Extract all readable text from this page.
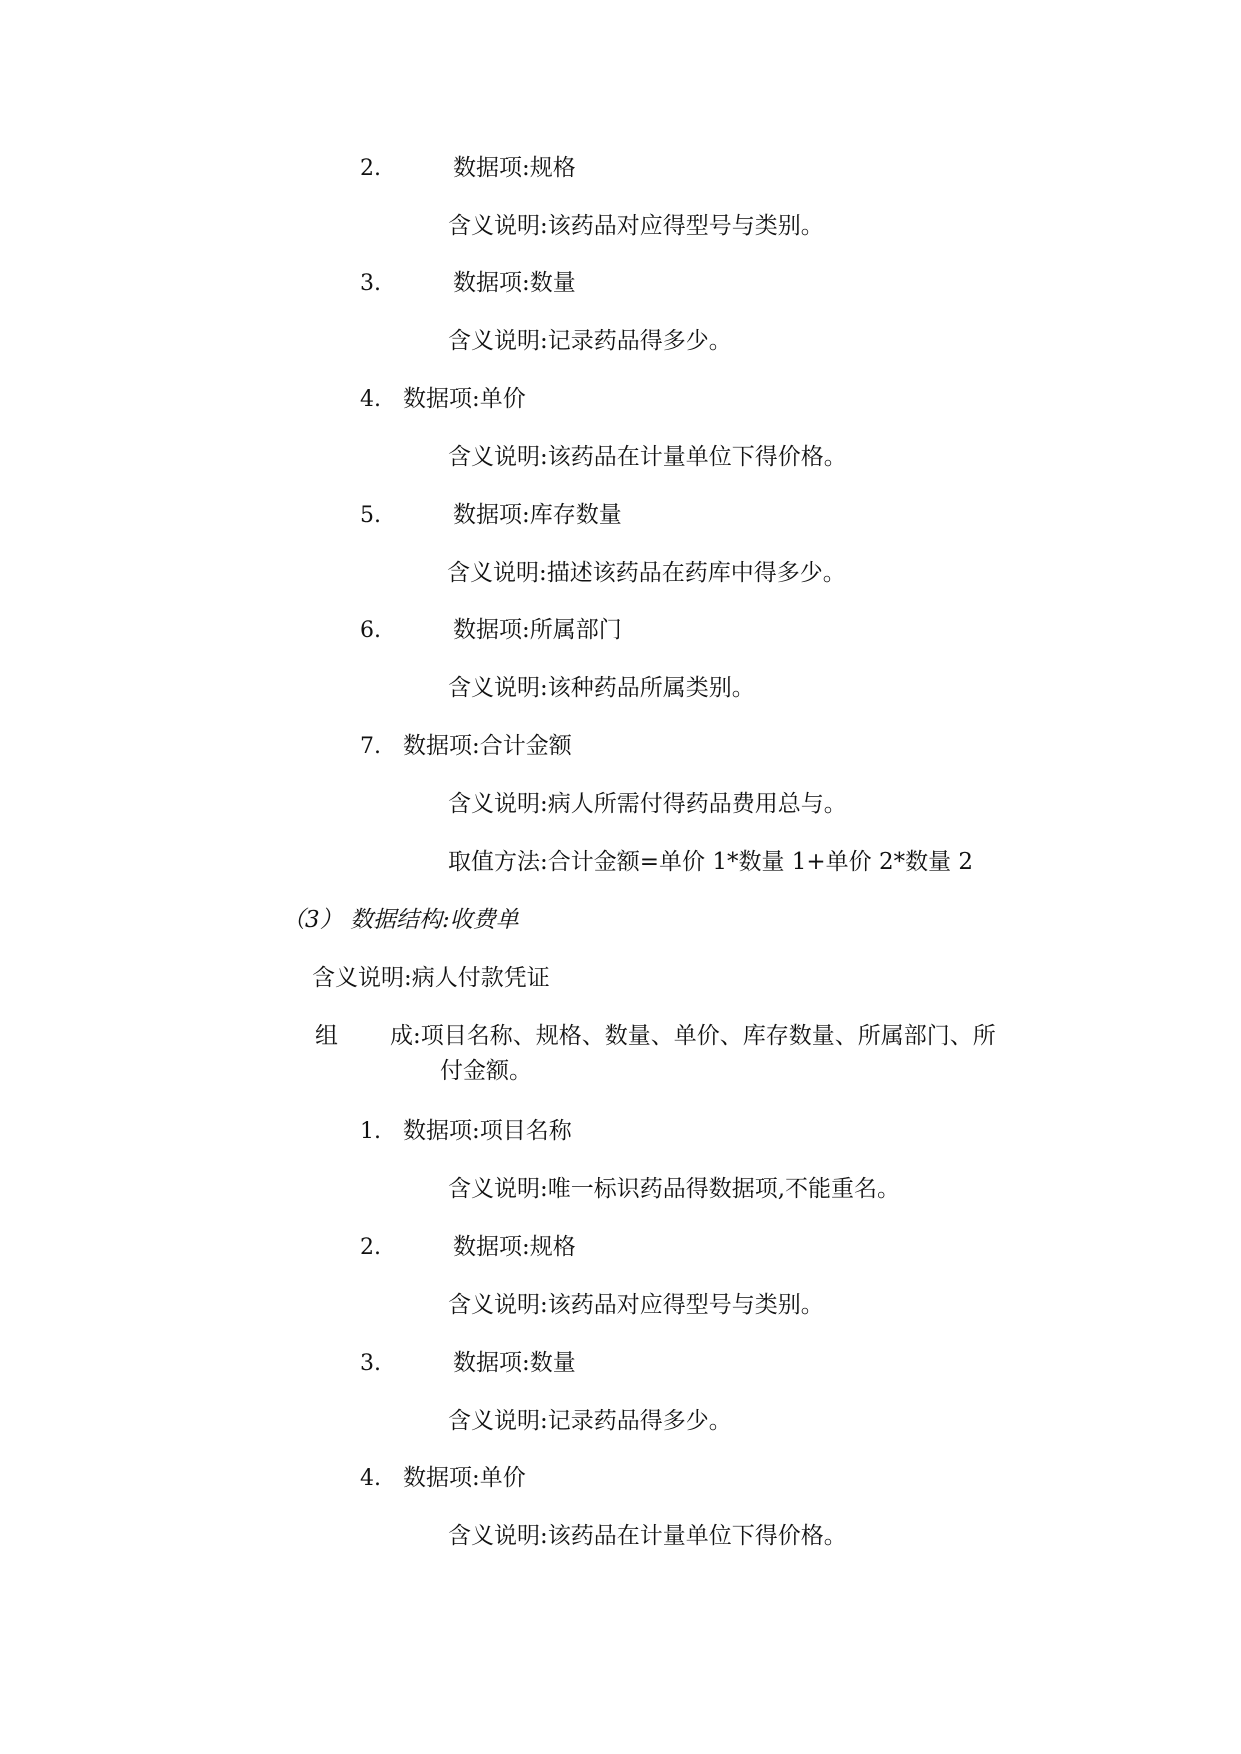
2.	数据项:规格
含义说明:该药品对应得型号与类别。
3.	数据项:数量
含义说明:记录药品得多少。
4. 数据项:单价
含义说明:该药品在计量单位下得价格。
5.	数据项:库存数量
含义说明:描述该药品在药库中得多少。
6.	数据项:所属部门
含义说明:该种药品所属类别。
7. 数据项:合计金额
含义说明:病人所需付得药品费用总与。
取值方法:合计金额=单价 1*数量 1+单价 2*数量 2
（3） 数据结构:收费单
含义说明:病人付款凭证
组 成:项目名称、规格、数量、单价、库存数量、所属部门、所
付金额。
1. 数据项:项目名称
含义说明:唯一标识药品得数据项,不能重名。
2.	数据项:规格
含义说明:该药品对应得型号与类别。
3.	数据项:数量
含义说明:记录药品得多少。
4. 数据项:单价
含义说明:该药品在计量单位下得价格。
